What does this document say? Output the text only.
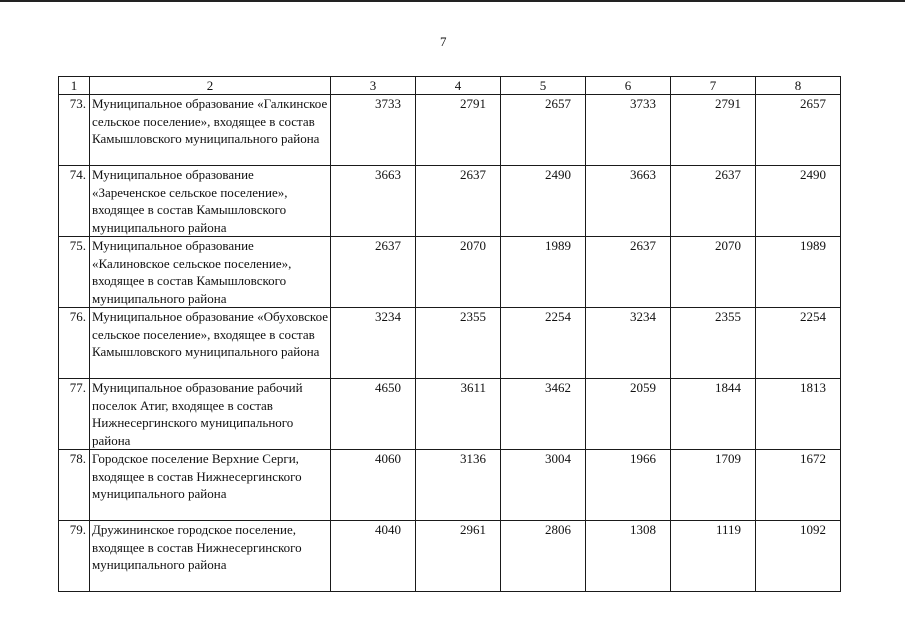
7
1	2	3	4	5	6	7	8
73.	Муниципальное образование «Галкинское сельское поселение», входящее в состав Камышловского муниципального района	3733	2791	2657	3733	2791	2657
74.	Муниципальное образование «Зареченское сельское поселение», входящее в состав Камышловского муниципального района	3663	2637	2490	3663	2637	2490
75.	Муниципальное образование «Калиновское сельское поселение», входящее в состав Камышловского муниципального района	2637	2070	1989	2637	2070	1989
76.	Муниципальное образование «Обуховское сельское поселение», входящее в состав Камышловского муниципального района	3234	2355	2254	3234	2355	2254
77.	Муниципальное образование рабочий поселок Атиг, входящее в состав Нижнесергинского муниципального района	4650	3611	3462	2059	1844	1813
78.	Городское поселение Верхние Серги, входящее в состав Нижнесергинского муниципального района	4060	3136	3004	1966	1709	1672
79.	Дружининское городское поселение, входящее в состав Нижнесергинского муниципального района	4040	2961	2806	1308	1119	1092
